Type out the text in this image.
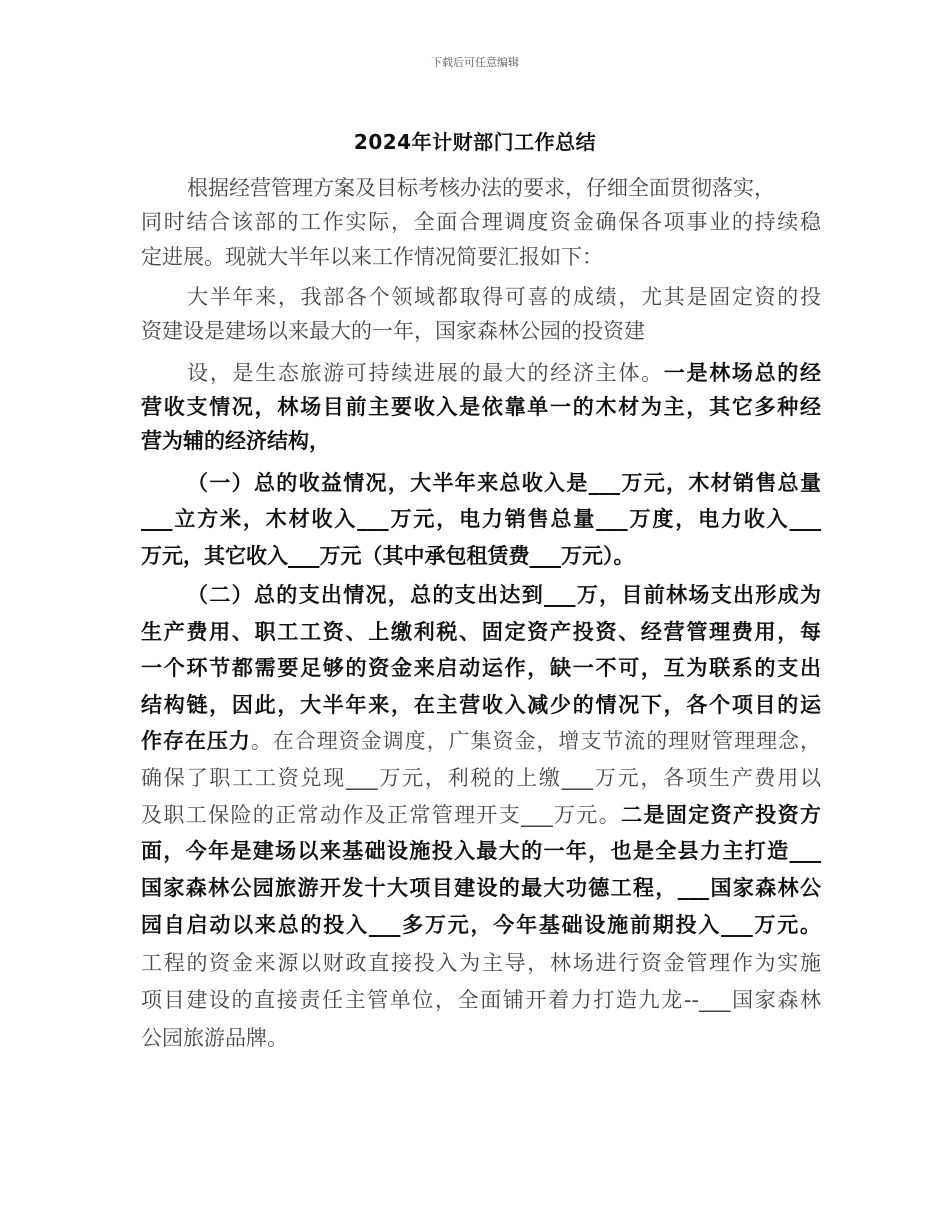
下载后可任意编辑
2024年计财部门工作总结
根据经营管理方案及目标考核办法的要求，仔细全面贯彻落实，
同时结合该部的工作实际，全面合理调度资金确保各项事业的持续稳
定进展。现就大半年以来工作情况简要汇报如下：
大半年来，我部各个领域都取得可喜的成绩，尤其是固定资的投
资建设是建场以来最大的一年，国家森林公园的投资建
设，是生态旅游可持续进展的最大的经济主体。一是林场总的经
营收支情况，林场目前主要收入是依靠单一的木材为主，其它多种经
营为辅的经济结构，
（一）总的收益情况，大半年来总收入是___万元，木材销售总量
___立方米，木材收入___万元，电力销售总量___万度，电力收入___
万元，其它收入___万元（其中承包租赁费___万元）。
（二）总的支出情况，总的支出达到___万，目前林场支出形成为
生产费用、职工工资、上缴利税、固定资产投资、经营管理费用，每
一个环节都需要足够的资金来启动运作，缺一不可，互为联系的支出
结构链，因此，大半年来，在主营收入减少的情况下，各个项目的运
作存在压力。在合理资金调度，广集资金，增支节流的理财管理理念，
确保了职工工资兑现___万元，利税的上缴___万元，各项生产费用以
及职工保险的正常动作及正常管理开支___万元。二是固定资产投资方
面，今年是建场以来基础设施投入最大的一年，也是全县力主打造___
国家森林公园旅游开发十大项目建设的最大功德工程，___国家森林公
园自启动以来总的投入___多万元，今年基础设施前期投入___万元。
工程的资金来源以财政直接投入为主导，林场进行资金管理作为实施
项目建设的直接责任主管单位，全面铺开着力打造九龙--___国家森林
公园旅游品牌。
